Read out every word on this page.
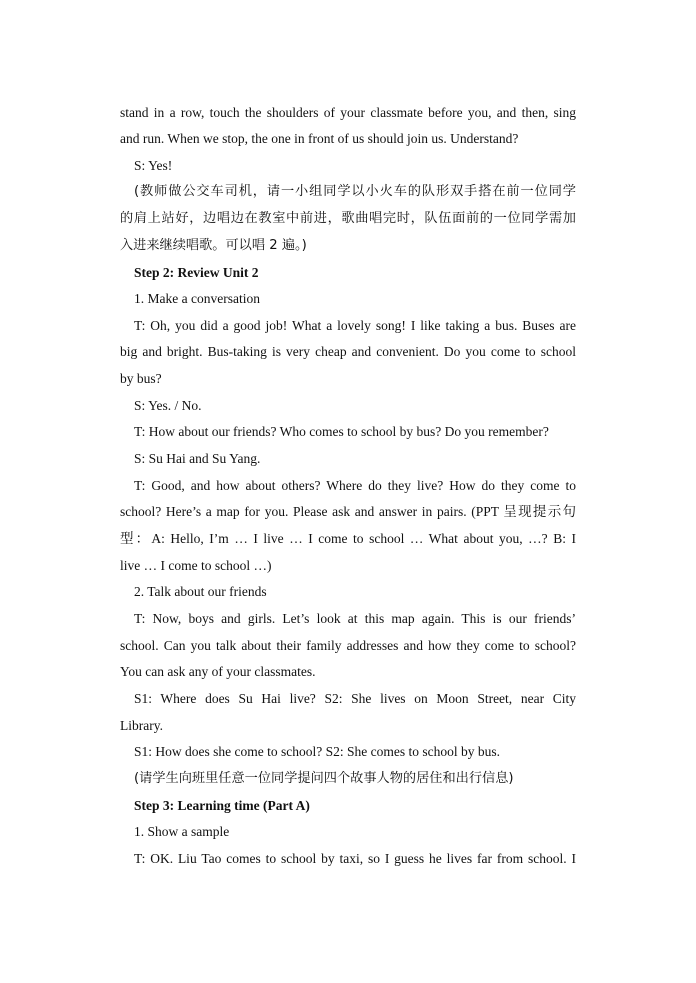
stand in a row, touch the shoulders of your classmate before you, and then, sing
and run. When we stop, the one in front of us should join us. Understand?
S: Yes!
(教师做公交车司机，请一小组同学以小火车的队形双手搭在前一位同学
的肩上站好，边唱边在教室中前进，歌曲唱完时，队伍面前的一位同学需加
入进来继续唱歌。可以唱 2 遍。)
Step 2: Review Unit 2
1. Make a conversation
T: Oh, you did a good job! What a lovely song! I like taking a bus. Buses are
big and bright. Bus-taking is very cheap and convenient. Do you come to school
by bus?
S: Yes. / No.
T: How about our friends? Who comes to school by bus? Do you remember?
S: Su Hai and Su Yang.
T: Good, and how about others? Where do they live? How do they come to
school? Here’s a map for you. Please ask and answer in pairs. (PPT 呈现提示句
型：A: Hello, I’m … I live … I come to school … What about you, …? B: I
live … I come to school …)
2. Talk about our friends
T: Now, boys and girls. Let’s look at this map again. This is our friends’
school. Can you talk about their family addresses and how they come to school?
You can ask any of your classmates.
S1: Where does Su Hai live? S2: She lives on Moon Street, near City
Library.
S1: How does she come to school? S2: She comes to school by bus.
(请学生向班里任意一位同学提问四个故事人物的居住和出行信息)
Step 3: Learning time (Part A)
1. Show a sample
T: OK. Liu Tao comes to school by taxi, so I guess he lives far from school. I
